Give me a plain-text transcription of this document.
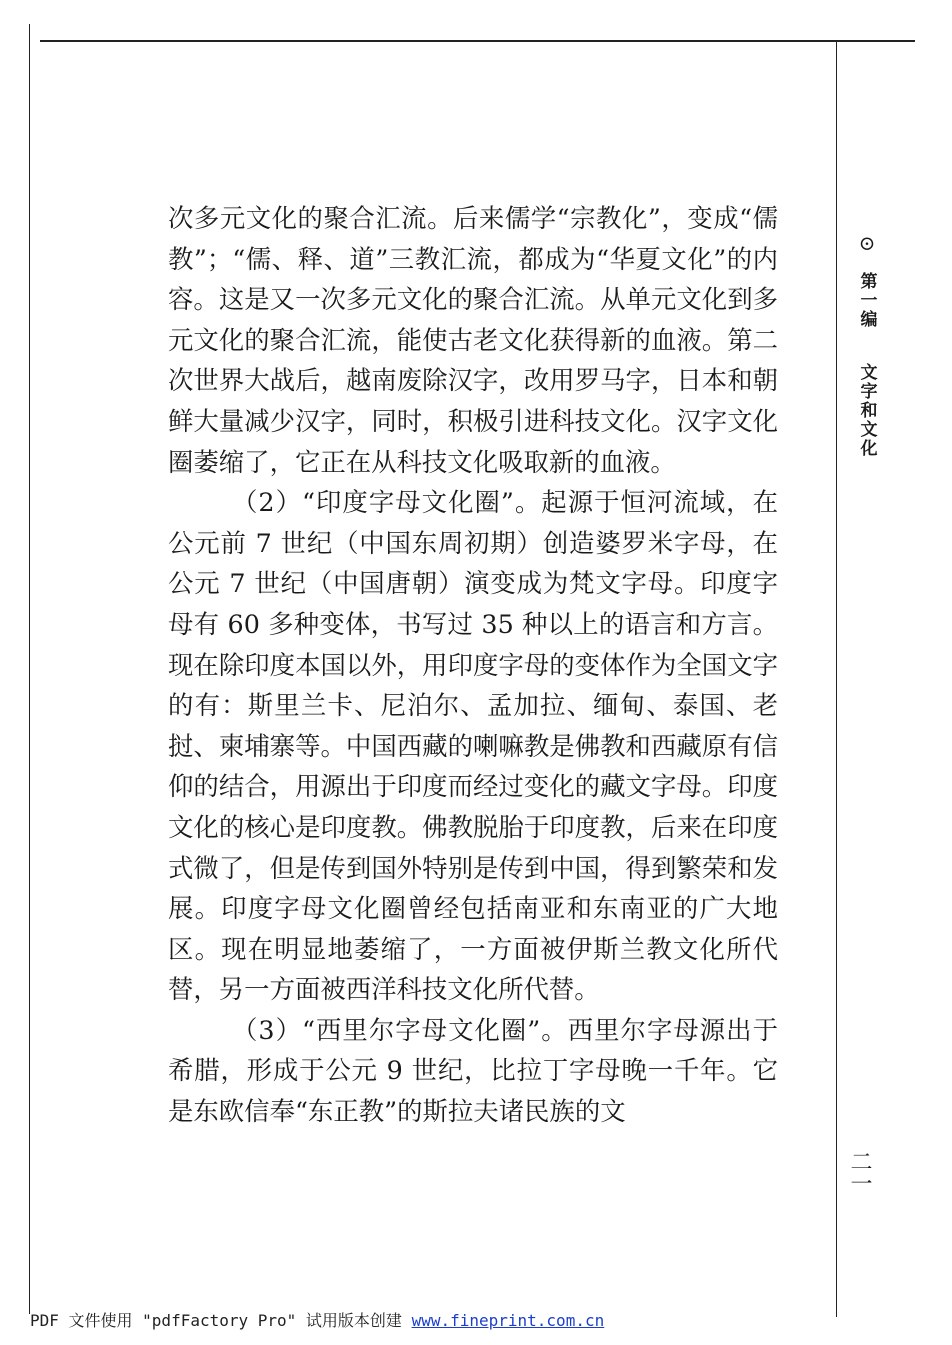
次多元文化的聚合汇流。后来儒学“宗教化”，变成“儒教”；“儒、释、道”三教汇流，都成为“华夏文化”的内容。这是又一次多元文化的聚合汇流。从单元文化到多元文化的聚合汇流，能使古老文化获得新的血液。第二次世界大战后，越南废除汉字，改用罗马字，日本和朝鲜大量减少汉字，同时，积极引进科技文化。汉字文化圈萎缩了，它正在从科技文化吸取新的血液。

（2）“印度字母文化圈”。起源于恒河流域，在公元前 7 世纪（中国东周初期）创造婆罗米字母，在公元 7 世纪（中国唐朝）演变成为梵文字母。印度字母有 60 多种变体，书写过 35 种以上的语言和方言。现在除印度本国以外，用印度字母的变体作为全国文字的有：斯里兰卡、尼泊尔、孟加拉、缅甸、泰国、老挝、柬埔寨等。中国西藏的喇嘛教是佛教和西藏原有信仰的结合，用源出于印度而经过变化的藏文字母。印度文化的核心是印度教。佛教脱胎于印度教，后来在印度式微了，但是传到国外特别是传到中国，得到繁荣和发展。印度字母文化圈曾经包括南亚和东南亚的广大地区。现在明显地萎缩了，一方面被伊斯兰教文化所代替，另一方面被西洋科技文化所代替。

（3）“西里尔字母文化圈”。西里尔字母源出于希腊，形成于公元 9 世纪，比拉丁字母晚一千年。它是东欧信奉“东正教”的斯拉夫诸民族的文

⊙
第一编
文字和文化
二一
PDF 文件使用 "pdfFactory Pro" 试用版本创建 www.fineprint.com.cn
